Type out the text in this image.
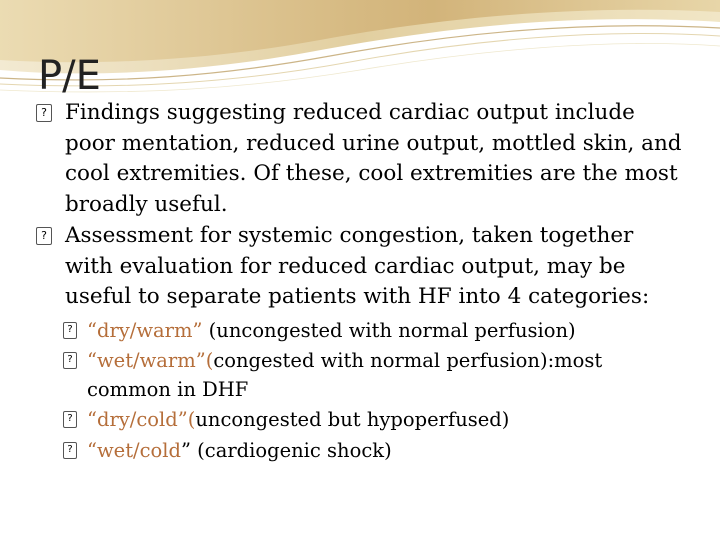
P/E
? Findings suggesting reduced cardiac output include poor mentation, reduced urine output, mottled skin, and cool extremities. Of these, cool extremities are the most broadly useful.
? Assessment for systemic congestion, taken together with evaluation for reduced cardiac output, may be useful to separate patients with HF into 4 categories:
? “dry/warm” (uncongested with normal perfusion)
? “wet/warm”(congested with normal perfusion):most common in DHF
? “dry/cold”(uncongested but hypoperfused)
? “wet/cold” (cardiogenic shock)
